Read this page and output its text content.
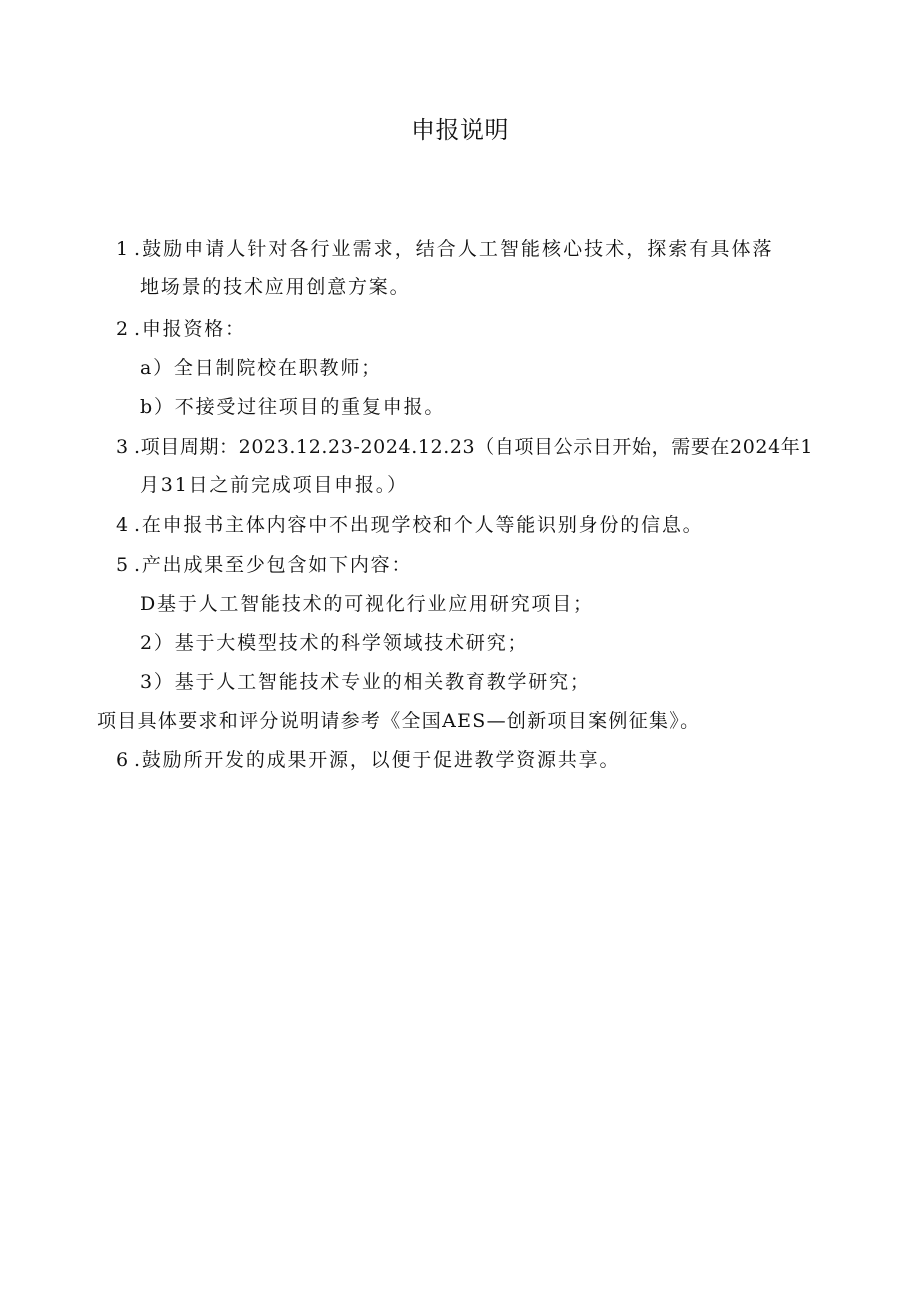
申报说明
1 .鼓励申请人针对各行业需求，结合人工智能核心技术，探索有具体落
地场景的技术应用创意方案。
2 .申报资格：
a）全日制院校在职教师；
b）不接受过往项目的重复申报。
3 .项目周期：2023.12.23-2024.12.23（自项目公示日开始，需要在2024年1
月31日之前完成项目申报。）
4 .在申报书主体内容中不出现学校和个人等能识别身份的信息。
5 .产出成果至少包含如下内容：
D基于人工智能技术的可视化行业应用研究项目；
2）基于大模型技术的科学领域技术研究；
3）基于人工智能技术专业的相关教育教学研究；
项目具体要求和评分说明请参考《全国AES—创新项目案例征集》。
6 .鼓励所开发的成果开源，以便于促进教学资源共享。
